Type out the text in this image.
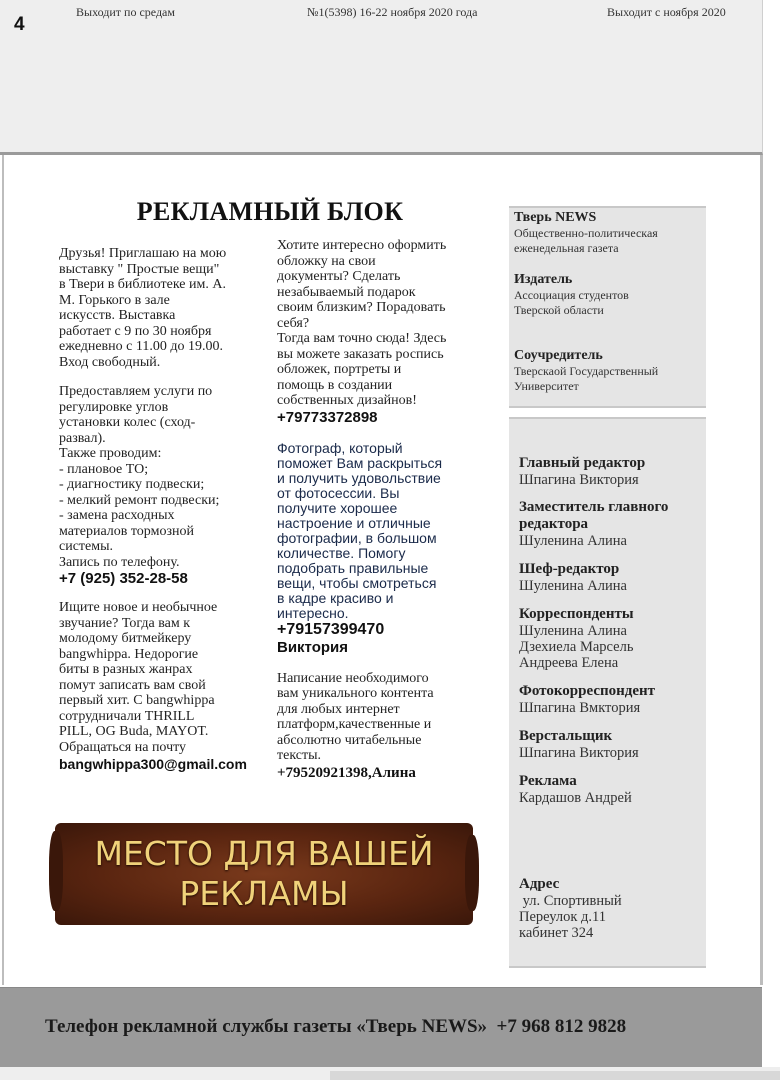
4
Выходит по средам	№1(5398) 16-22 ноября 2020 года	Выходит с ноября 2020
РЕКЛАМНЫЙ БЛОК

Друзья! Приглашаю на мою

выставку " Простые вещи"

в Твери в библиотеке им. А.

М. Горького в зале

искусств. Выставка

работает с 9 по 30 ноября

ежедневно с 11.00 до 19.00.

Вход свободный.

Предоставляем услуги по

регулировке углов

установки колес (сход-

развал).

Также проводим:

- плановое ТО;

- диагностику подвески;

- мелкий ремонт подвески;

- замена расходных

материалов тормозной

системы.

Запись по телефону.

+7 (925) 352-28-58

Ищите новое и необычное

звучание? Тогда вам к

молодому битмейкеру

bangwhippa. Недорогие

биты в разных жанрах

помут записать вам свой

первый хит. С bangwhippa

сотрудничали THRILL

PILL, OG Buda, MAYOT.

Обращаться на почту

bangwhippa300@gmail.com

Хотите интересно оформить

обложку на свои

документы? Сделать

незабываемый подарок

своим близким? Порадовать

себя?

Тогда вам точно сюда! Здесь

вы можете заказать роспись

обложек, портреты и

помощь в создании

собственных дизайнов!

+79773372898

Фотограф, который

поможет Вам раскрыться

и получить удовольствие

от фотосессии. Вы

получите хорошее

настроение и отличные

фотографии, в большом

количестве. Помогу

подобрать правильные

вещи, чтобы смотреться

в кадре красиво и

интересно.

+79157399470

Виктория

Написание необходимого

вам уникального контента

для любых интернет

платформ,качественные и

абсолютно читабельные

тексты.

+79520921398,Алина

МЕСТО ДЛЯ ВАШЕЙ
РЕКЛАМЫ
Тверь NEWS
Общественно-политическая
еженедельная газета
Издатель
Ассоциация студентов
Тверской области
Соучредитель
Тверскаой Государственный
Университет
Главный редактор
Шпагина Виктория
Заместитель главного редактора
Шуленина Алина
Шеф-редактор
Шуленина Алина
Корреспонденты
Шуленина Алина
Дзехиела Марсель
Андреева Елена
Фотокорреспондент
Шпагина Вмктория
Верстальщик
Шпагина Виктория
Реклама
Кардашов Андрей
Адрес
ул. Спортивный
Переулок д.11
кабинет 324
Телефон рекламной службы газеты «Тверь NEWS»  +7 968 812 9828
